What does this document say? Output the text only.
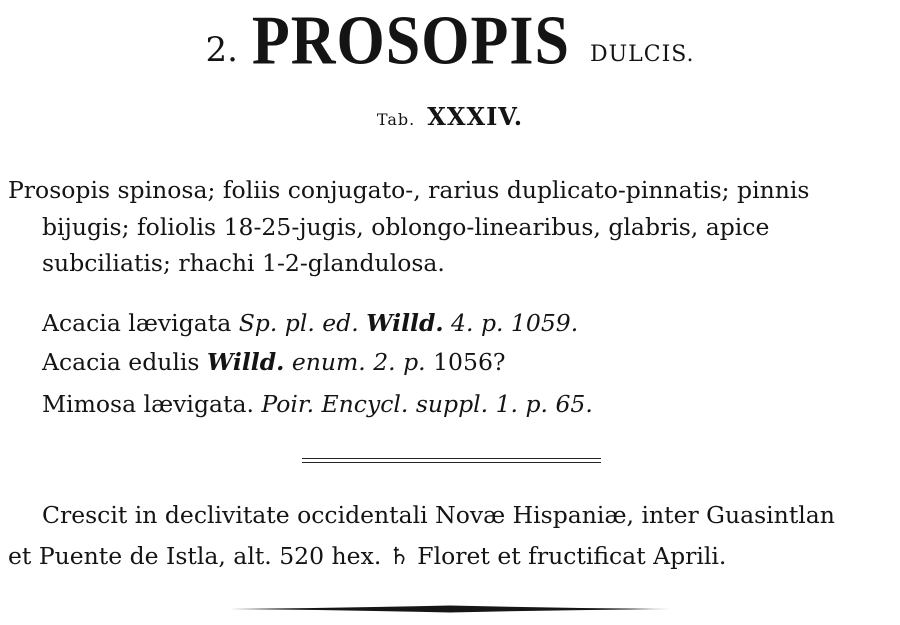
2. PROSOPIS DULCIS.
Tab. XXXIV.
Prosopis spinosa; foliis conjugato-, rarius duplicato-pinnatis; pinnis
bijugis; foliolis 18-25-jugis, oblongo-linearibus, glabris, apice
subciliatis; rhachi 1-2-glandulosa.
Acacia lævigata Sp. pl. ed. Willd. 4. p. 1059.
Acacia edulis Willd. enum. 2. p. 1056?
Mimosa lævigata. Poir. Encycl. suppl. 1. p. 65.
Crescit in declivitate occidentali Novæ Hispaniæ, inter Guasintlan
et Puente de Istla, alt. 520 hex. ♄ Floret et fructificat Aprili.
